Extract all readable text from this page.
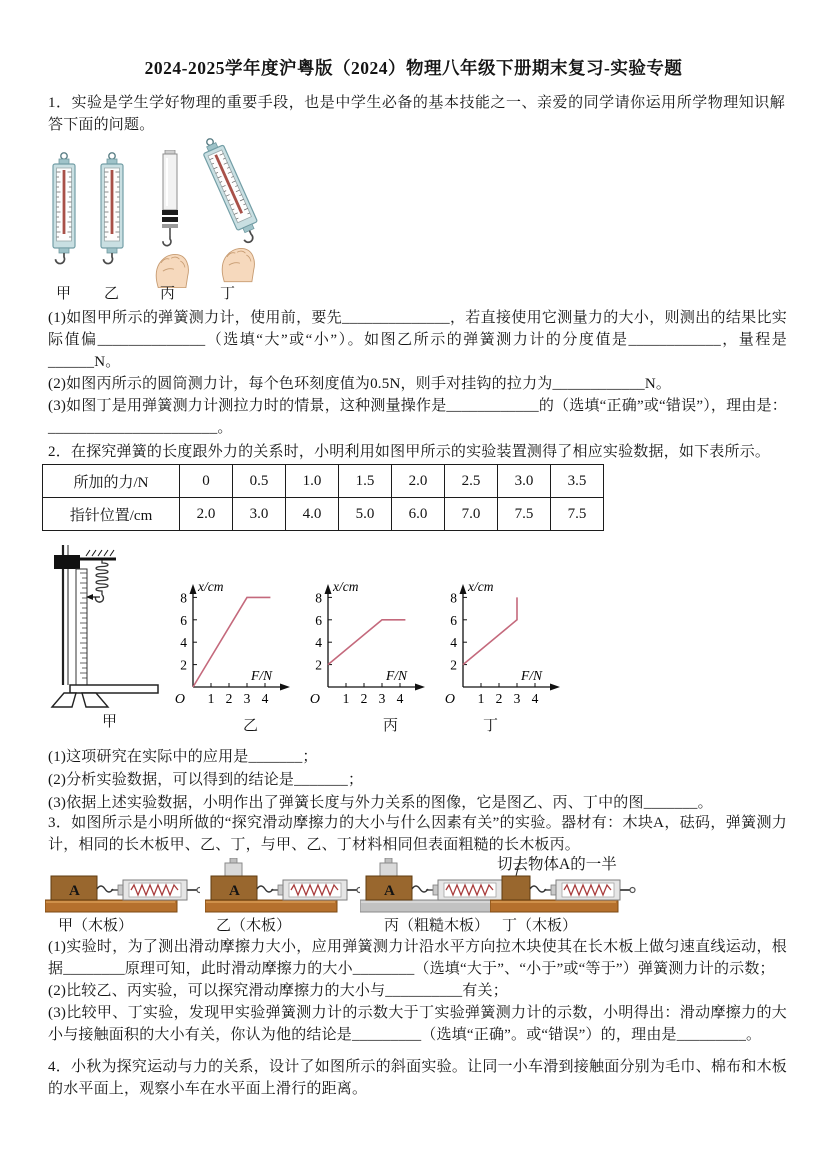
2024-2025学年度沪粤版（2024）物理八年级下册期末复习-实验专题
1．实验是学生学好物理的重要手段，也是中学生必备的基本技能之一、亲爱的同学请你运用所学物理知识解答下面的问题。
甲 乙	丙	丁

(1)如图甲所示的弹簧测力计，使用前，要先______________，若直接使用它测量力的大小，则测出的结果比实际值偏______________（选填“大”或“小”）。如图乙所示的弹簧测力计的分度值是____________，量程是______N。

(2)如图丙所示的圆筒测力计，每个色环刻度值为0.5N，则手对挂钩的拉力为____________N。

(3)如图丁是用弹簧测力计测拉力时的情景，这种测量操作是____________的（选填“正确”或“错误”），理由是：______________________。

2．在探究弹簧的长度跟外力的关系时，小明利用如图甲所示的实验装置测得了相应实验数据，如下表所示。
所加的力/N	0	0.5	1.0	1.5	2.0	2.5	3.0	3.5
指针位置/cm	2.0	3.0	4.0	5.0	6.0	7.0	7.5	7.5
甲
1 2 3 4
2
4
6
8
O
x/cm
F/N
1 2 3 4
2
4
6
8
O
x/cm
F/N
1 2 3 4
2
4
6
8
O
x/cm
F/N
乙	丙	丁

(1)这项研究在实际中的应用是_______；

(2)分析实验数据，可以得到的结论是_______；

(3)依据上述实验数据，小明作出了弹簧长度与外力关系的图像，它是图乙、丙、丁中的图_______。

3．如图所示是小明所做的“探究滑动摩擦力的大小与什么因素有关”的实验。器材有：木块A，砝码，弹簧测力计，相同的长木板甲、乙、丁，与甲、乙、丁材料相同但表面粗糙的长木板丙。
A	A	A
切去物体A的一半
甲（木板）	乙（木板）	丙（粗糙木板） 丁（木板）

(1)实验时，为了测出滑动摩擦力大小，应用弹簧测力计沿水平方向拉木块使其在长木板上做匀速直线运动，根据________原理可知，此时滑动摩擦力的大小________（选填“大于”、“小于”或“等于”）弹簧测力计的示数；

(2)比较乙、丙实验，可以探究滑动摩擦力的大小与__________有关；

(3)比较甲、丁实验，发现甲实验弹簧测力计的示数大于丁实验弹簧测力计的示数，小明得出：滑动摩擦力的大小与接触面积的大小有关，你认为他的结论是_________（选填“正确”。或“错误”）的，理由是_________。

4．小秋为探究运动与力的关系，设计了如图所示的斜面实验。让同一小车滑到接触面分别为毛巾、棉布和木板的水平面上，观察小车在水平面上滑行的距离。
